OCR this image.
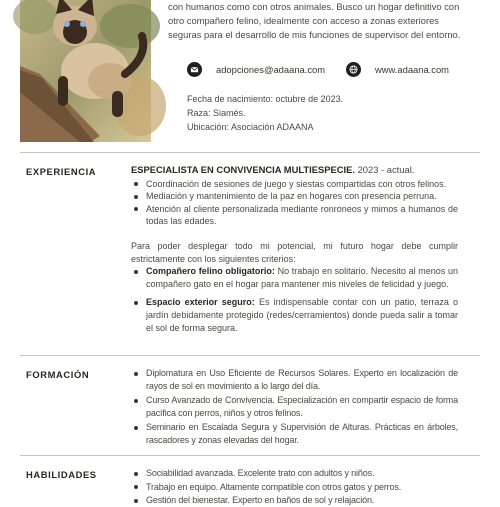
con humanos como con otros animales. Busco un hogar definitivo con
otro compañero felino, idealmente con acceso a zonas exteriores
seguras para el desarrollo de mis funciones de supervisor del entorno.
adopciones@adaana.com	www.adaana.com
Fecha de nacimiento: octubre de 2023.
Raza: Siamés.
Ubicación: Asociación ADAANA
EXPERIENCIA	ESPECIALISTA EN CONVIVENCIA MULTIESPECIE. 2023 - actual.
Coordinación de sesiones de juego y siestas compartidas con otros felinos.
Mediación y mantenimiento de la paz en hogares con presencia perruna.
Atención al cliente personalizada mediante ronroneos y mimos a humanos de todas las edades.

Para poder desplegar todo mi potencial, mi futuro hogar debe cumplir estrictamente con los siguientes criterios:

Compañero felino obligatorio: No trabajo en solitario. Necesito al menos un compañero gato en el hogar para mantener mis niveles de felicidad y juego.
Espacio exterior seguro: Es indispensable contar con un patio, terraza o jardín debidamente protegido (redes/cerramientos) donde pueda salir a tomar el sol de forma segura.
FORMACIÓN	Diplomatura en Uso Eficiente de Recursos Solares. Experto en localización de rayos de sol en movimiento a lo largo del día.
Curso Avanzado de Convivencia. Especialización en compartir espacio de forma pacífica con perros, niños y otros felinos.
Seminario en Escalada Segura y Supervisión de Alturas. Prácticas en árboles, rascadores y zonas elevadas del hogar.
HABILIDADES	Sociabilidad avanzada. Excelente trato con adultos y niños.
Trabajo en equipo. Altamente compatible con otros gatos y perros.
Gestión del bienestar. Experto en baños de sol y relajación.
